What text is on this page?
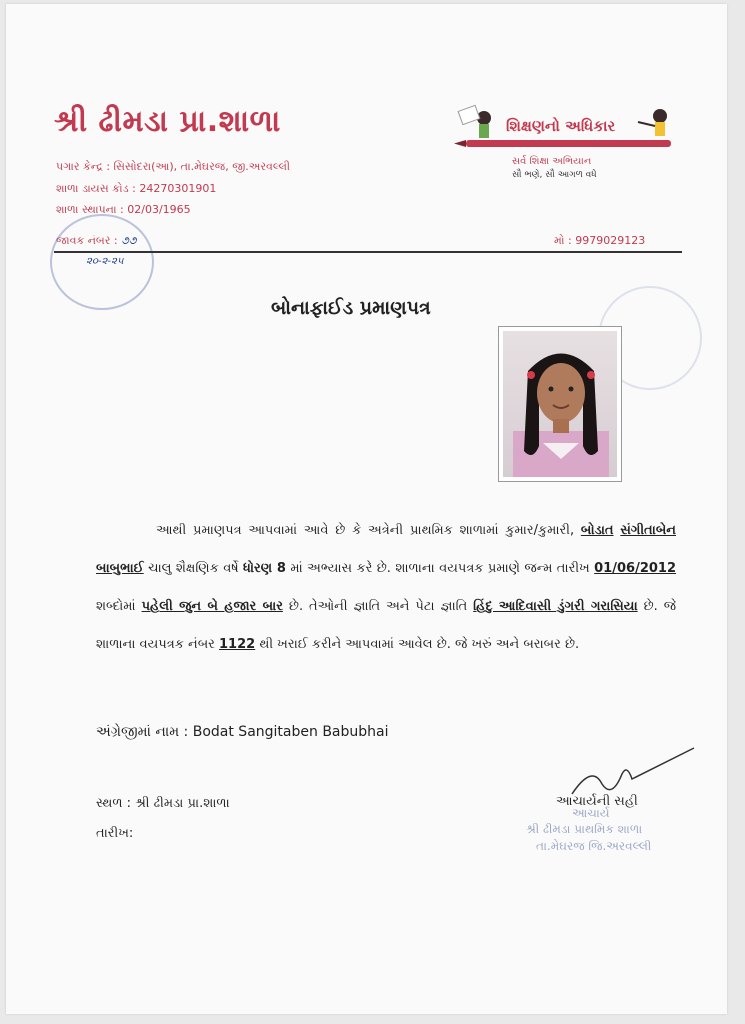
શ્રી ઢીમડા પ્રા.શાળા
પગાર કેન્દ્ર : સિસોદરા(આ), તા.મેઘરજ, જી.અરવલ્લી
શાળા ડાયસ કોડ : 24270301901
શાળા સ્થાપના : 02/03/1965
શિક્ષણનો અધિકાર
સર્વ શિક્ષા અભિયાન
સૌ ભણે, સૌ આગળ વધે
જાવક નંબર : ૭૭
૨૦-૨-૨૫
મો : 9979029123
બોનાફાઈડ પ્રમાણપત્ર
આથી પ્રમાણપત્ર આપવામાં આવે છે કે અત્રેની પ્રાથમિક શાળામાં કુમાર/કુમારી, બોડાત સંગીતાબેન બાબુભાઈ ચાલુ શૈક્ષણિક વર્ષે ધોરણ 8 માં અભ્યાસ કરે છે. શાળાના વયપત્રક પ્રમાણે જન્મ તારીખ 01/06/2012 શબ્દોમાં પહેલી જુન બે હજાર બાર છે. તેઓની જ્ઞાતિ અને પેટા જ્ઞાતિ હિંદુ આદિવાસી ડુંગરી ગરાસિયા છે. જે શાળાના વયપત્રક નંબર 1122 થી ખરાઈ કરીને આપવામાં આવેલ છે. જે ખરું અને બરાબર છે.
અંગ્રેજીમાં નામ : Bodat Sangitaben Babubhai
સ્થળ : શ્રી ઢીમડા પ્રા.શાળા
તારીખ:
આચાર્યની સહી
આચાર્ય
શ્રી ઢીમડા પ્રાથમિક શાળા
તા.મેઘરજ જિ.અરવલ્લી
